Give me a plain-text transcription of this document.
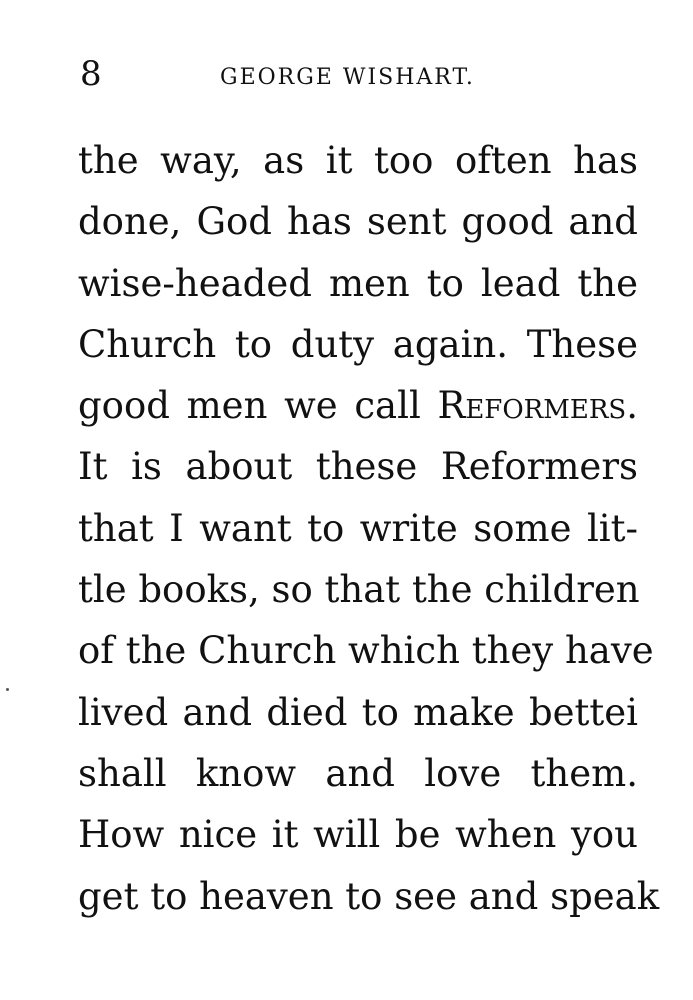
8	GEORGE WISHART.
the way, as it too often has
done, God has sent good and
wise-headed men to lead the
Church to duty again. These
good men we call Reformers.
It is about these Reformers
that I want to write some lit-
tle books, so that the children
of the Church which they have
lived and died to make bettei
shall know and love them.
How nice it will be when you
get to heaven to see and speak
